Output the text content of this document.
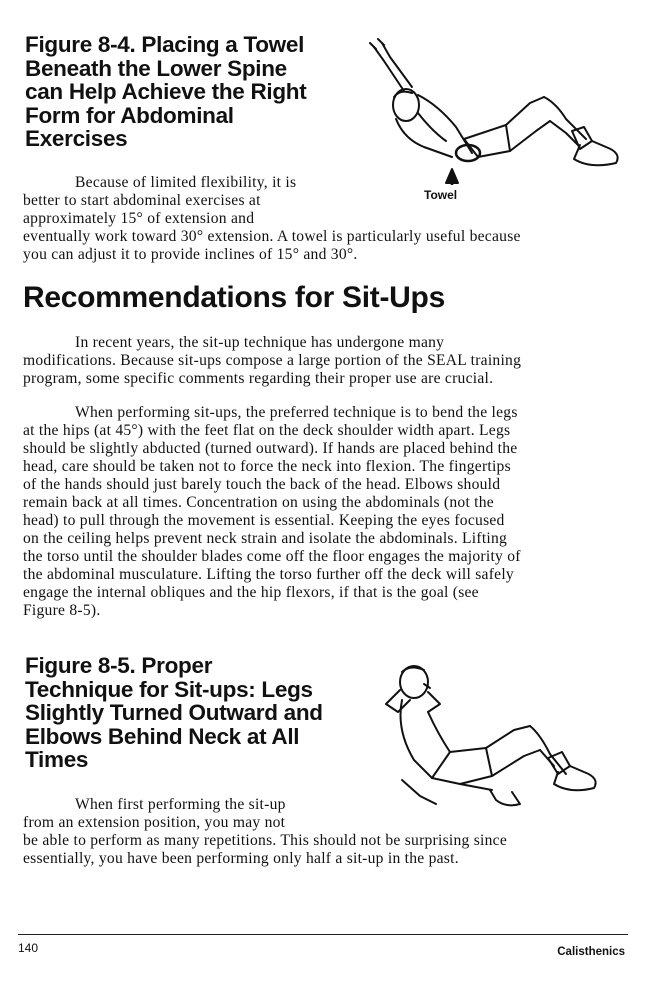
Figure 8-4. Placing a Towel
Beneath the Lower Spine
can Help Achieve the Right
Form for Abdominal
Exercises
Towel

Because of limited flexibility, it is

better to start abdominal exercises at

approximately 15° of extension and

eventually work toward 30° extension. A towel is particularly useful because

you can adjust it to provide inclines of 15° and 30°.

Recommendations for Sit-Ups

In recent years, the sit-up technique has undergone many

modifications. Because sit-ups compose a large portion of the SEAL training

program, some specific comments regarding their proper use are crucial.

When performing sit-ups, the preferred technique is to bend the legs

at the hips (at 45°) with the feet flat on the deck shoulder width apart. Legs

should be slightly abducted (turned outward). If hands are placed behind the

head, care should be taken not to force the neck into flexion. The fingertips

of the hands should just barely touch the back of the head. Elbows should

remain back at all times. Concentration on using the abdominals (not the

head) to pull through the movement is essential. Keeping the eyes focused

on the ceiling helps prevent neck strain and isolate the abdominals. Lifting

the torso until the shoulder blades come off the floor engages the majority of

the abdominal musculature. Lifting the torso further off the deck will safely

engage the internal obliques and the hip flexors, if that is the goal (see

Figure 8-5).

Figure 8-5. Proper
Technique for Sit-ups: Legs
Slightly Turned Outward and
Elbows Behind Neck at All
Times

When first performing the sit-up

from an extension position, you may not

be able to perform as many repetitions. This should not be surprising since

essentially, you have been performing only half a sit-up in the past.

140	Calisthenics
